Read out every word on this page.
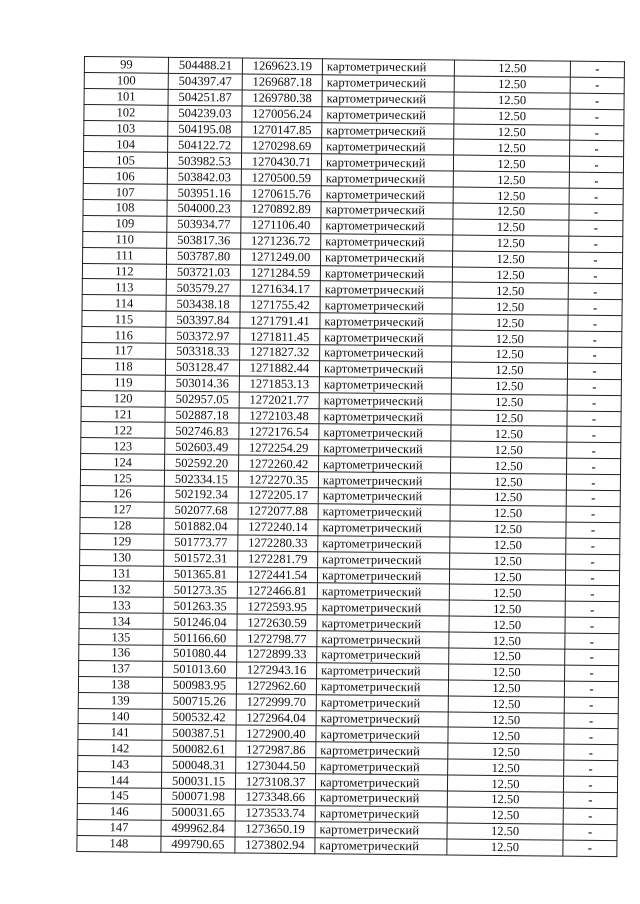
99	504488.21	1269623.19	картометрический	12.50	-
100	504397.47	1269687.18	картометрический	12.50	-
101	504251.87	1269780.38	картометрический	12.50	-
102	504239.03	1270056.24	картометрический	12.50	-
103	504195.08	1270147.85	картометрический	12.50	-
104	504122.72	1270298.69	картометрический	12.50	-
105	503982.53	1270430.71	картометрический	12.50	-
106	503842.03	1270500.59	картометрический	12.50	-
107	503951.16	1270615.76	картометрический	12.50	-
108	504000.23	1270892.89	картометрический	12.50	-
109	503934.77	1271106.40	картометрический	12.50	-
110	503817.36	1271236.72	картометрический	12.50	-
111	503787.80	1271249.00	картометрический	12.50	-
112	503721.03	1271284.59	картометрический	12.50	-
113	503579.27	1271634.17	картометрический	12.50	-
114	503438.18	1271755.42	картометрический	12.50	-
115	503397.84	1271791.41	картометрический	12.50	-
116	503372.97	1271811.45	картометрический	12.50	-
117	503318.33	1271827.32	картометрический	12.50	-
118	503128.47	1271882.44	картометрический	12.50	-
119	503014.36	1271853.13	картометрический	12.50	-
120	502957.05	1272021.77	картометрический	12.50	-
121	502887.18	1272103.48	картометрический	12.50	-
122	502746.83	1272176.54	картометрический	12.50	-
123	502603.49	1272254.29	картометрический	12.50	-
124	502592.20	1272260.42	картометрический	12.50	-
125	502334.15	1272270.35	картометрический	12.50	-
126	502192.34	1272205.17	картометрический	12.50	-
127	502077.68	1272077.88	картометрический	12.50	-
128	501882.04	1272240.14	картометрический	12.50	-
129	501773.77	1272280.33	картометрический	12.50	-
130	501572.31	1272281.79	картометрический	12.50	-
131	501365.81	1272441.54	картометрический	12.50	-
132	501273.35	1272466.81	картометрический	12.50	-
133	501263.35	1272593.95	картометрический	12.50	-
134	501246.04	1272630.59	картометрический	12.50	-
135	501166.60	1272798.77	картометрический	12.50	-
136	501080.44	1272899.33	картометрический	12.50	-
137	501013.60	1272943.16	картометрический	12.50	-
138	500983.95	1272962.60	картометрический	12.50	-
139	500715.26	1272999.70	картометрический	12.50	-
140	500532.42	1272964.04	картометрический	12.50	-
141	500387.51	1272900.40	картометрический	12.50	-
142	500082.61	1272987.86	картометрический	12.50	-
143	500048.31	1273044.50	картометрический	12.50	-
144	500031.15	1273108.37	картометрический	12.50	-
145	500071.98	1273348.66	картометрический	12.50	-
146	500031.65	1273533.74	картометрический	12.50	-
147	499962.84	1273650.19	картометрический	12.50	-
148	499790.65	1273802.94	картометрический	12.50	-
